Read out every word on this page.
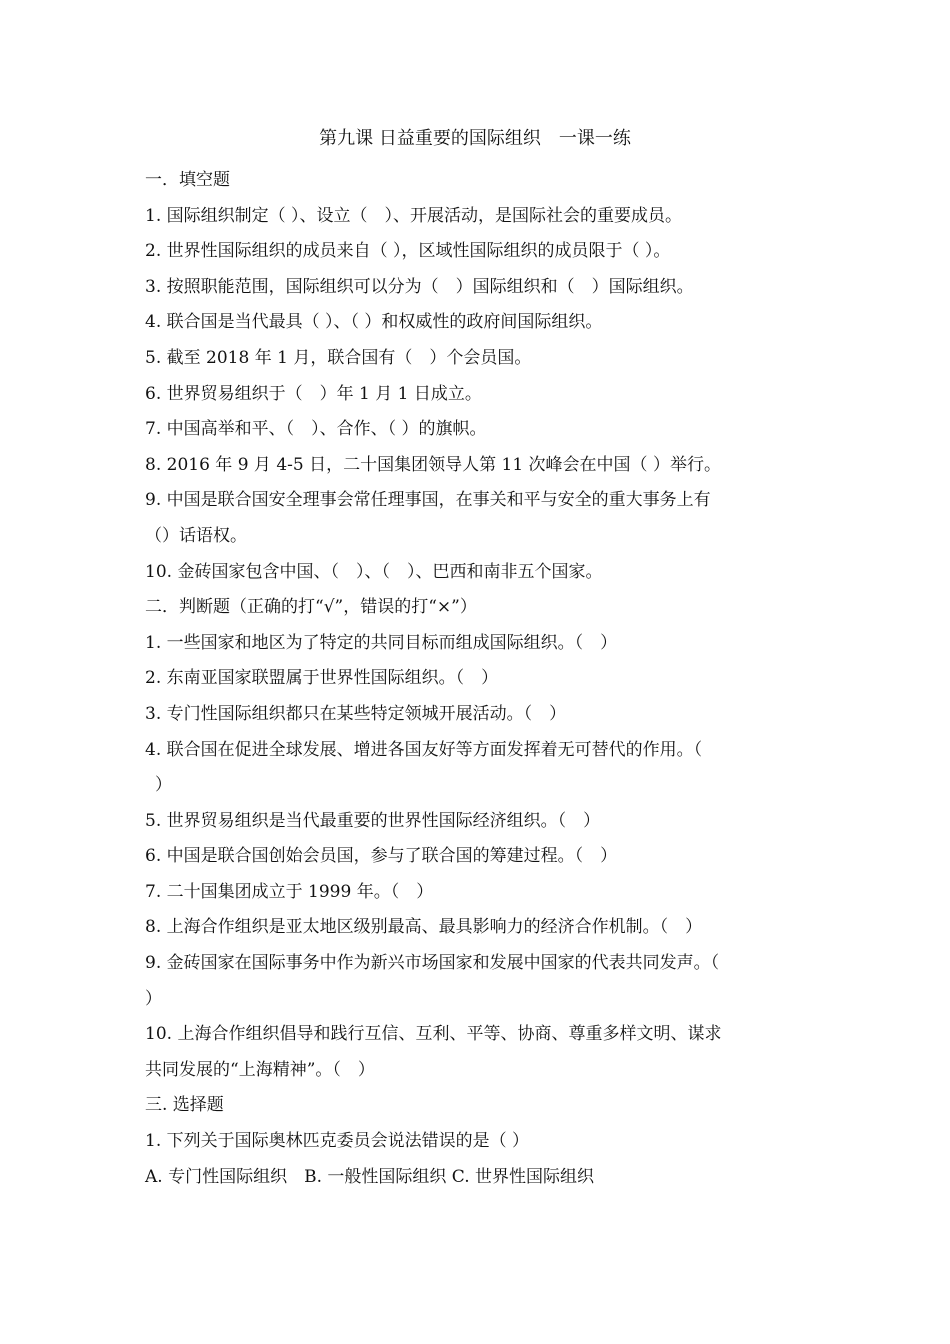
第九课 日益重要的国际组织　一课一练
一．填空题
1. 国际组织制定（ ）、设立（　）、开展活动，是国际社会的重要成员。
2. 世界性国际组织的成员来自（ ），区域性国际组织的成员限于（ ）。
3. 按照职能范围，国际组织可以分为（　）国际组织和（　）国际组织。
4. 联合国是当代最具（ ）、（ ）和权威性的政府间国际组织。
5. 截至 2018 年 1 月，联合国有（　）个会员国。
6. 世界贸易组织于（　）年 1 月 1 日成立。
7. 中国高举和平、（　）、合作、（ ）的旗帜。
8. 2016 年 9 月 4-5 日，二十国集团领导人第 11 次峰会在中国（ ）举行。
9. 中国是联合国安全理事会常任理事国，在事关和平与安全的重大事务上有
（）话语权。
10. 金砖国家包含中国、（　）、（　）、巴西和南非五个国家。
二．判断题（正确的打“√”，错误的打“×”）
1. 一些国家和地区为了特定的共同目标而组成国际组织。（　）
2. 东南亚国家联盟属于世界性国际组织。（　）
3. 专门性国际组织都只在某些特定领城开展活动。（　）
4. 联合国在促进全球发展、增进各国友好等方面发挥着无可替代的作用。（
）
5. 世界贸易组织是当代最重要的世界性国际经济组织。（　）
6. 中国是联合国创始会员国，参与了联合国的筹建过程。（　）
7. 二十国集团成立于 1999 年。（　）
8. 上海合作组织是亚太地区级别最高、最具影响力的经济合作机制。（　）
9. 金砖国家在国际事务中作为新兴市场国家和发展中国家的代表共同发声。（
）
10. 上海合作组织倡导和践行互信、互利、平等、协商、尊重多样文明、谋求
共同发展的“上海精神”。（　）
三. 选择题
1. 下列关于国际奥林匹克委员会说法错误的是（ ）
A. 专门性国际组织　B. 一般性国际组织 C. 世界性国际组织
